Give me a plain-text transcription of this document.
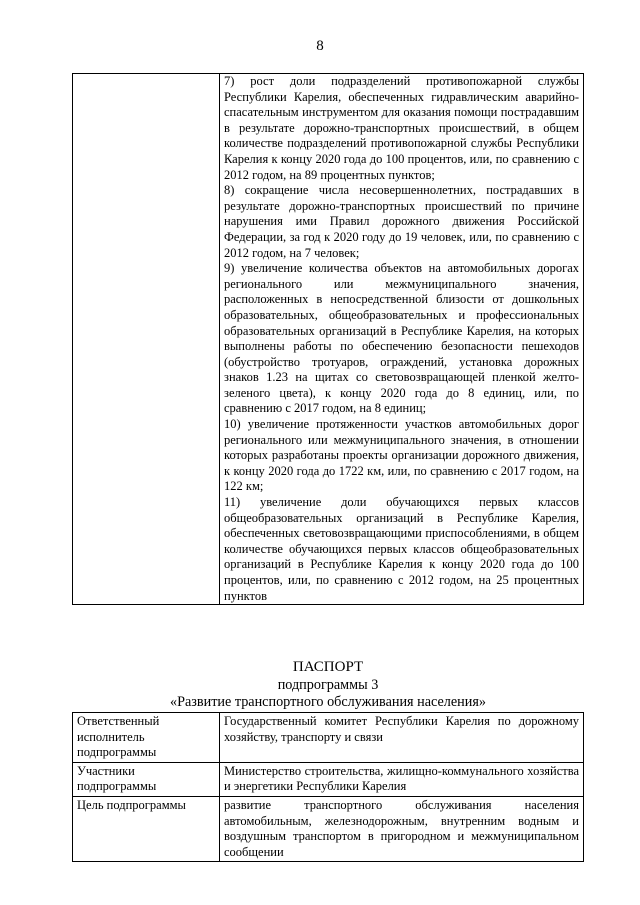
8

7) рост доли подразделений противопожарной службы Республики Карелия, обеспеченных гидравлическим аварийно-спасательным инструментом для оказания помощи пострадавшим в результате дорожно-транспортных происшествий, в общем количестве подразделений противопожарной службы Республики Карелия к концу 2020 года до 100 процентов, или, по сравнению с 2012 годом, на 89 процентных пунктов;

8) сокращение числа несовершеннолетних, пострадавших в результате дорожно-транспортных происшествий по причине нарушения ими Правил дорожного движения Российской Федерации, за год к 2020 году до 19 человек, или, по сравнению с 2012 годом, на 7 человек;

9) увеличение количества объектов на автомобильных дорогах регионального или межмуниципального значения, расположенных в непосредственной близости от дошкольных образовательных, общеобразовательных и профессиональных образовательных организаций в Республике Карелия, на которых выполнены работы по обеспечению безопасности пешеходов (обустройство тротуаров, ограждений, установка дорожных знаков 1.23 на щитах со световозвращающей пленкой желто-зеленого цвета), к концу 2020 года до 8 единиц, или, по сравнению с 2017 годом, на 8 единиц;

10) увеличение протяженности участков автомобильных дорог регионального или межмуниципального значения, в отношении которых разработаны проекты организации дорожного движения, к концу 2020 года до 1722 км, или, по сравнению с 2017 годом, на 122 км;

11) увеличение доли обучающихся первых классов общеобразовательных организаций в Республике Карелия, обеспеченных световозвращающими приспособлениями, в общем количестве обучающихся первых классов общеобразовательных организаций в Республике Карелия к концу 2020 года до 100 процентов, или, по сравнению с 2012 годом, на 25 процентных пунктов

ПАСПОРТ
подпрограммы 3
«Развитие транспортного обслуживания населения»
Ответственный исполнитель подпрограммы	Государственный комитет Республики Карелия по дорожному хозяйству, транспорту и связи
Участники подпрограммы	Министерство строительства, жилищно-коммунального хозяйства и энергетики Республики Карелия
Цель подпрограммы	развитие транспортного обслуживания населения автомобильным, железнодорожным, внутренним водным и воздушным транспортом в пригородном и межмуниципальном сообщении
